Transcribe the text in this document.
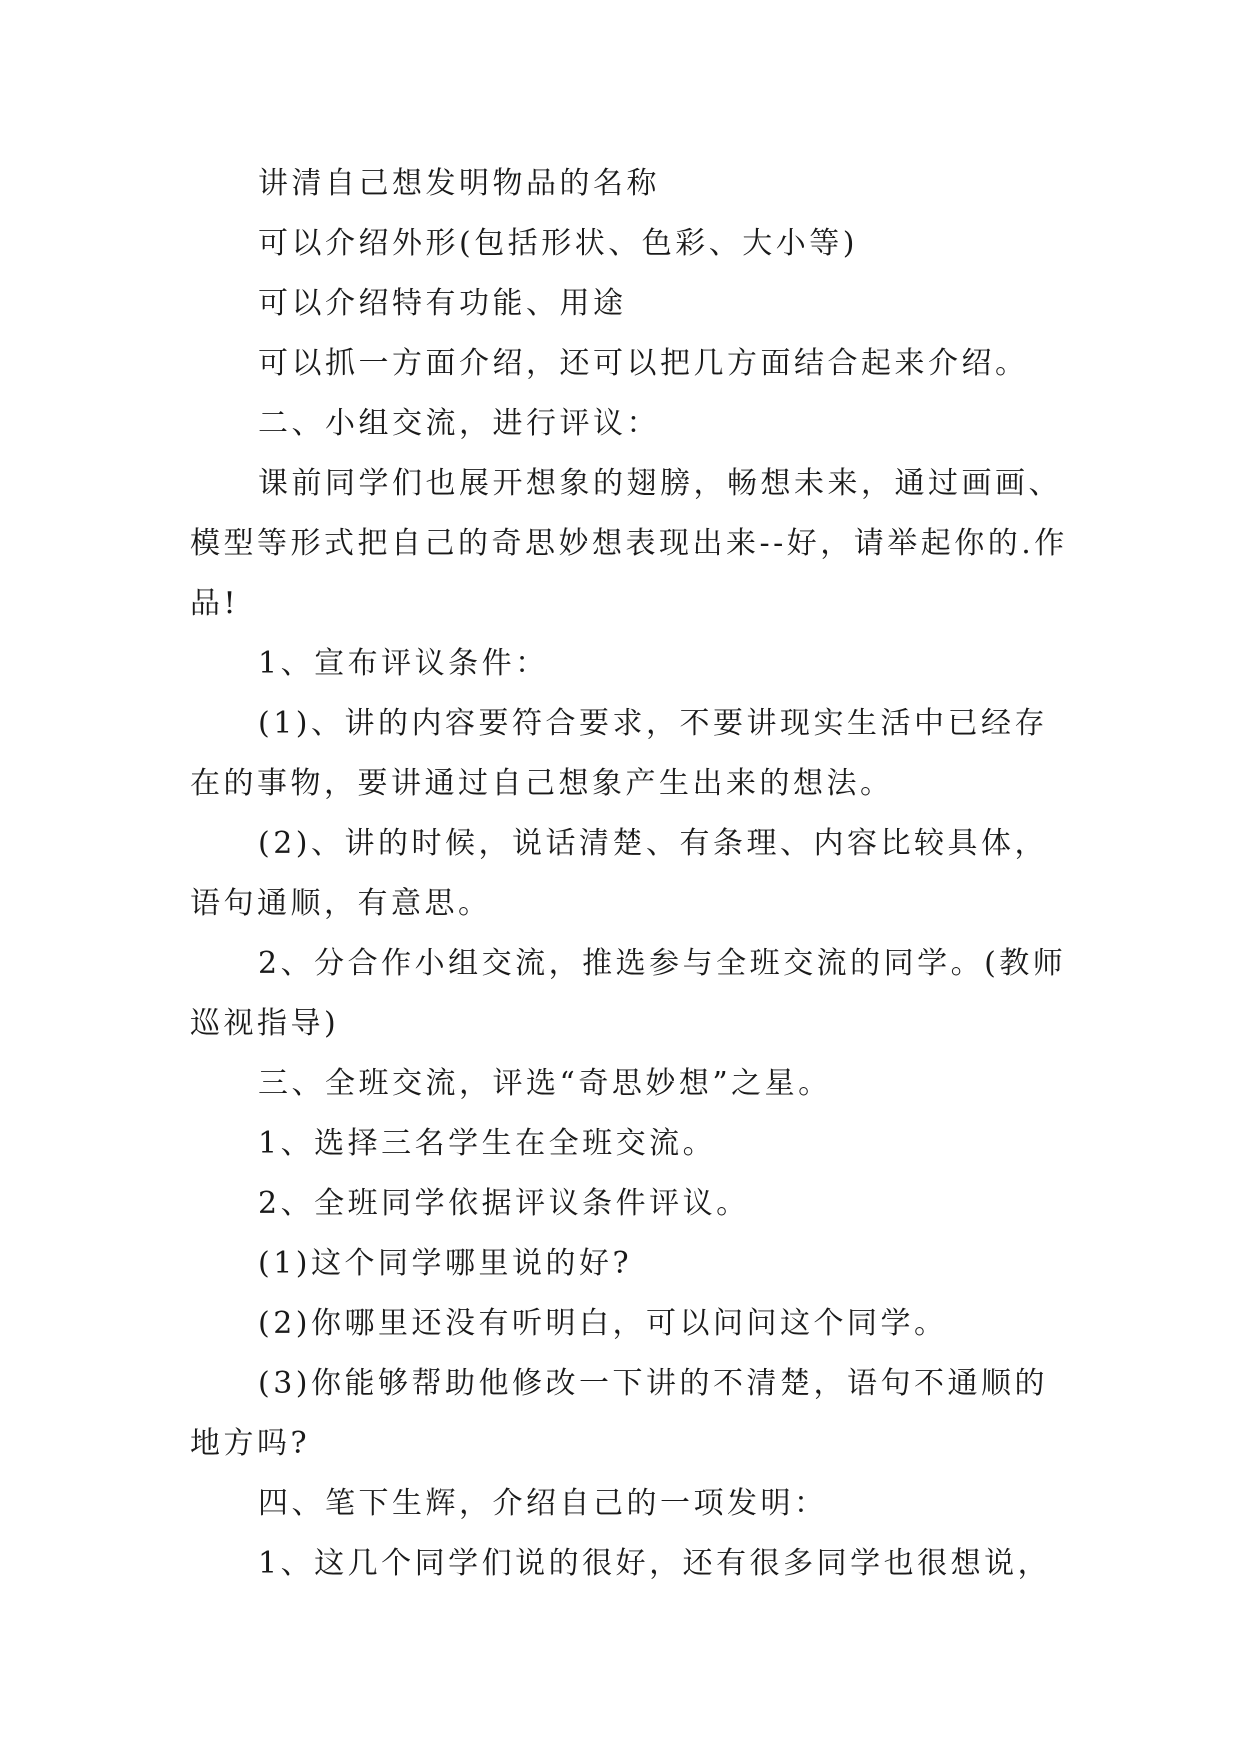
讲清自己想发明物品的名称

可以介绍外形(包括形状、色彩、大小等)

可以介绍特有功能、用途

可以抓一方面介绍，还可以把几方面结合起来介绍。

二、小组交流，进行评议：

课前同学们也展开想象的翅膀，畅想未来，通过画画、模型等形式把自己的奇思妙想表现出来--好，请举起你的.作品!

1、宣布评议条件：

(1)、讲的内容要符合要求，不要讲现实生活中已经存在的事物，要讲通过自己想象产生出来的想法。

(2)、讲的时候，说话清楚、有条理、内容比较具体，语句通顺，有意思。

2、分合作小组交流，推选参与全班交流的同学。(教师巡视指导)

三、全班交流，评选“奇思妙想”之星。

1、选择三名学生在全班交流。

2、全班同学依据评议条件评议。

(1)这个同学哪里说的好?

(2)你哪里还没有听明白，可以问问这个同学。

(3)你能够帮助他修改一下讲的不清楚，语句不通顺的地方吗?

四、笔下生辉，介绍自己的一项发明：

1、这几个同学们说的很好，还有很多同学也很想说，
